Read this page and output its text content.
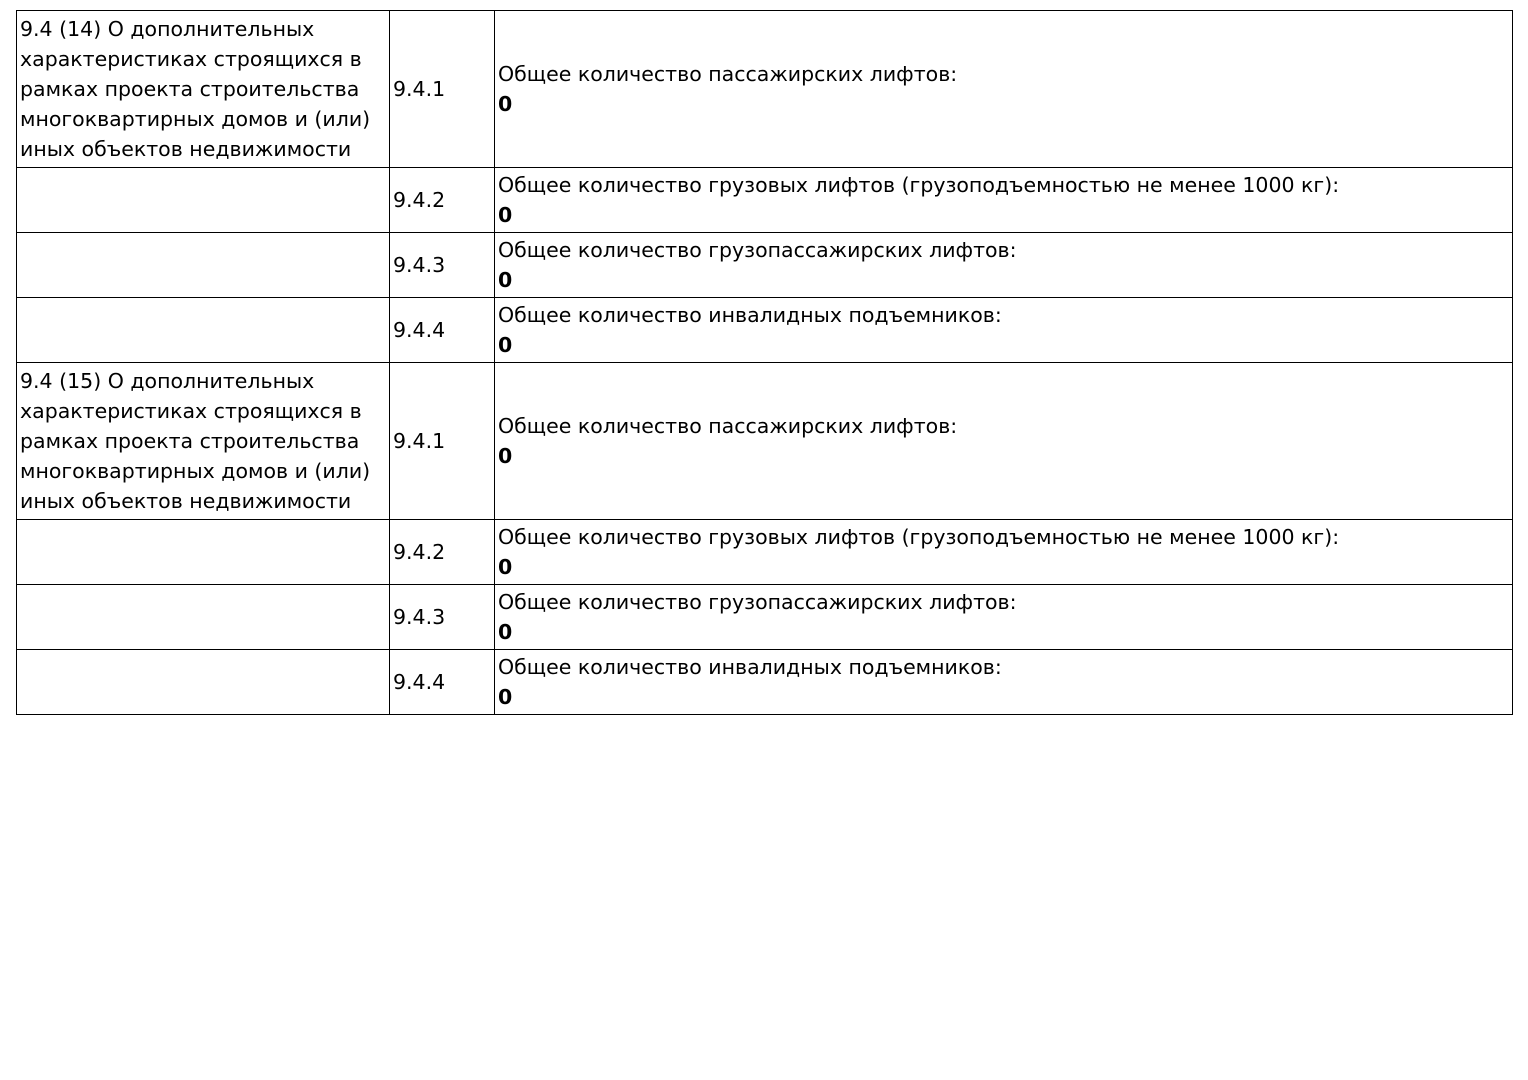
9.4 (14) О дополнительных характеристиках строящихся в рамках проекта строительства многоквартирных домов и (или) иных объектов недвижимости	9.4.1	Общее количество пассажирских лифтов:
0

	9.4.2	Общее количество грузовых лифтов (грузоподъемностью не менее 1000 кг):
0

	9.4.3	Общее количество грузопассажирских лифтов:
0

	9.4.4	Общее количество инвалидных подъемников:
0

9.4 (15) О дополнительных характеристиках строящихся в рамках проекта строительства многоквартирных домов и (или) иных объектов недвижимости	9.4.1	Общее количество пассажирских лифтов:
0

	9.4.2	Общее количество грузовых лифтов (грузоподъемностью не менее 1000 кг):
0

	9.4.3	Общее количество грузопассажирских лифтов:
0

	9.4.4	Общее количество инвалидных подъемников:
0
